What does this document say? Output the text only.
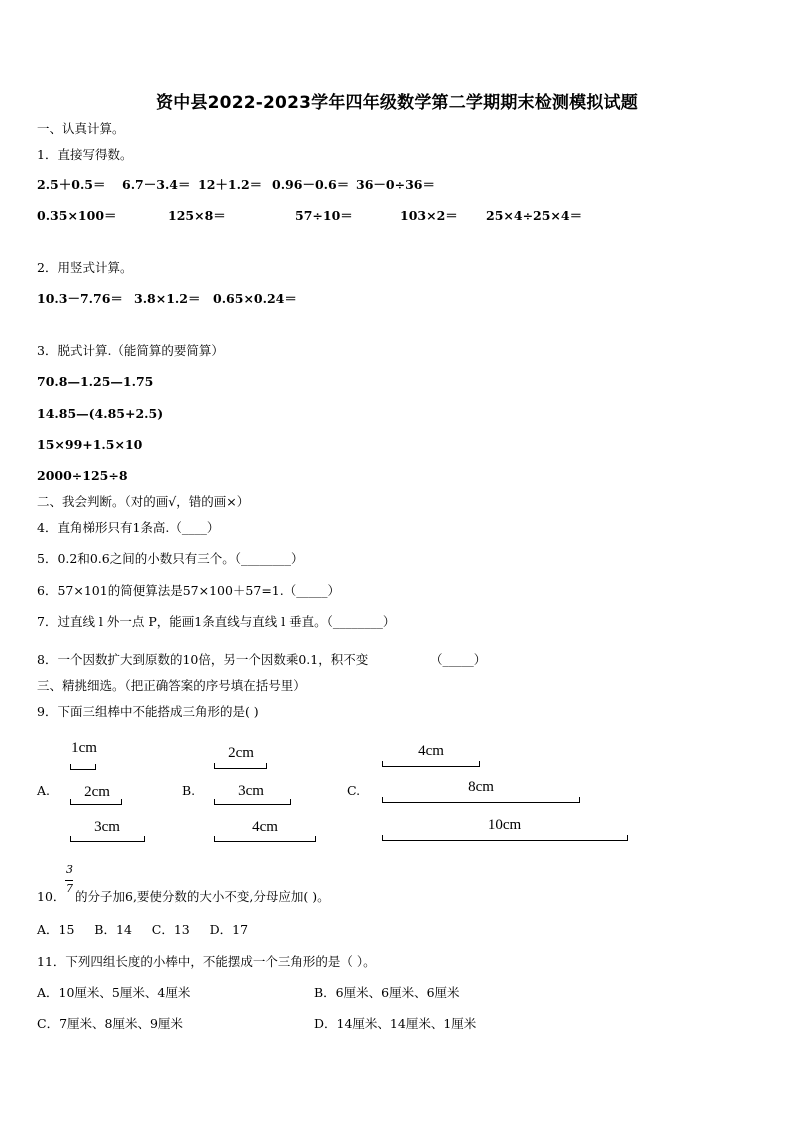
资中县2022-2023学年四年级数学第二学期期末检测模拟试题
一、认真计算。
1．直接写得数。
2.5＋0.5＝ 6.7－3.4＝ 12＋1.2＝ 0.96－0.6＝ 36－0÷36＝
0.35×100＝	125×8＝	57÷10＝	103×2＝ 25×4÷25×4＝
2．用竖式计算。
10.3－7.76＝ 3.8×1.2＝ 0.65×0.24＝
3．脱式计算.（能简算的要简算）
70.8—1.25—1.75
14.85—(4.85+2.5)
15×99+1.5×10
2000÷125÷8
二、我会判断。（对的画√，错的画×）
4．直角梯形只有1条高.（____）
5．0.2和0.6之间的小数只有三个。（________）
6．57×101的简便算法是57×100＋57=1.（_____）
7．过直线 l 外一点 P，能画1条直线与直线 l 垂直。（________）
8．一个因数扩大到原数的10倍，另一个因数乘0.1，积不变	（_____）
三、精挑细选。（把正确答案的序号填在括号里）
9．下面三组棒中不能搭成三角形的是( )
A.	B.	C.
1cm
2cm
3cm
2cm
3cm
4cm
4cm
8cm
10cm
3
7
10． 的分子加6,要使分数的大小不变,分母应加( )。
A．15     B．14     C．13     D．17
11．下列四组长度的小棒中，不能摆成一个三角形的是（ ）。
A．10厘米、5厘米、4厘米	B．6厘米、6厘米、6厘米
C．7厘米、8厘米、9厘米	D．14厘米、14厘米、1厘米
